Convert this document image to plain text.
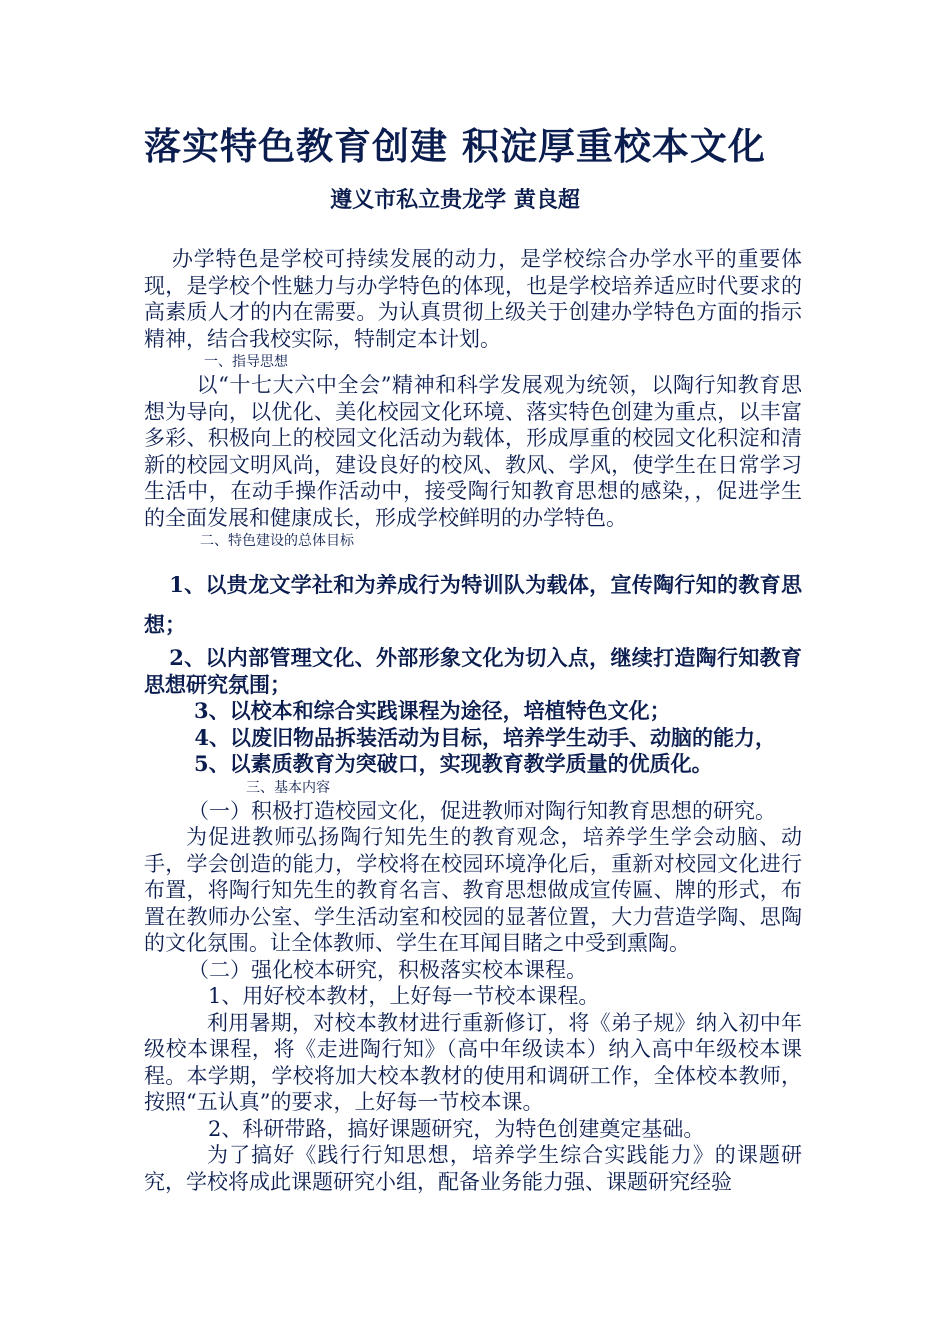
落实特色教育创建 积淀厚重校本文化
遵义市私立贵龙学 黄良超

　办学特色是学校可持续发展的动力，是学校综合办学水平的重要体现，是学校个性魅力与办学特色的体现，也是学校培养适应时代要求的高素质人才的内在需要。为认真贯彻上级关于创建办学特色方面的指示精神，结合我校实际，特制定本计划。

一、指导思想

以“十七大六中全会”精神和科学发展观为统领，以陶行知教育思想为导向，以优化、美化校园文化环境、落实特色创建为重点，以丰富多彩、积极向上的校园文化活动为载体，形成厚重的校园文化积淀和清新的校园文明风尚，建设良好的校风、教风、学风，使学生在日常学习生活中，在动手操作活动中，接受陶行知教育思想的感染，，促进学生的全面发展和健康成长，形成学校鲜明的办学特色。

二、特色建设的总体目标

1、以贵龙文学社和为养成行为特训队为载体，宣传陶行知的教育思想；

2、以内部管理文化、外部形象文化为切入点，继续打造陶行知教育思想研究氛围；

3、以校本和综合实践课程为途径，培植特色文化；

4、以废旧物品拆装活动为目标，培养学生动手、动脑的能力，

5、以素质教育为突破口，实现教育教学质量的优质化。

三、基本内容

（一）积极打造校园文化，促进教师对陶行知教育思想的研究。

为促进教师弘扬陶行知先生的教育观念，培养学生学会动脑、动手，学会创造的能力，学校将在校园环境净化后，重新对校园文化进行布置，将陶行知先生的教育名言、教育思想做成宣传匾、牌的形式，布置在教师办公室、学生活动室和校园的显著位置，大力营造学陶、思陶的文化氛围。让全体教师、学生在耳闻目睹之中受到熏陶。

（二）强化校本研究，积极落实校本课程。

1、用好校本教材，上好每一节校本课程。

利用暑期，对校本教材进行重新修订，将《弟子规》纳入初中年级校本课程，将《走进陶行知》（高中年级读本）纳入高中年级校本课程。本学期，学校将加大校本教材的使用和调研工作，全体校本教师，按照“五认真”的要求，上好每一节校本课。

2、科研带路，搞好课题研究，为特色创建奠定基础。

为了搞好《践行行知思想，培养学生综合实践能力》的课题研究，学校将成此课题研究小组，配备业务能力强、课题研究经验
